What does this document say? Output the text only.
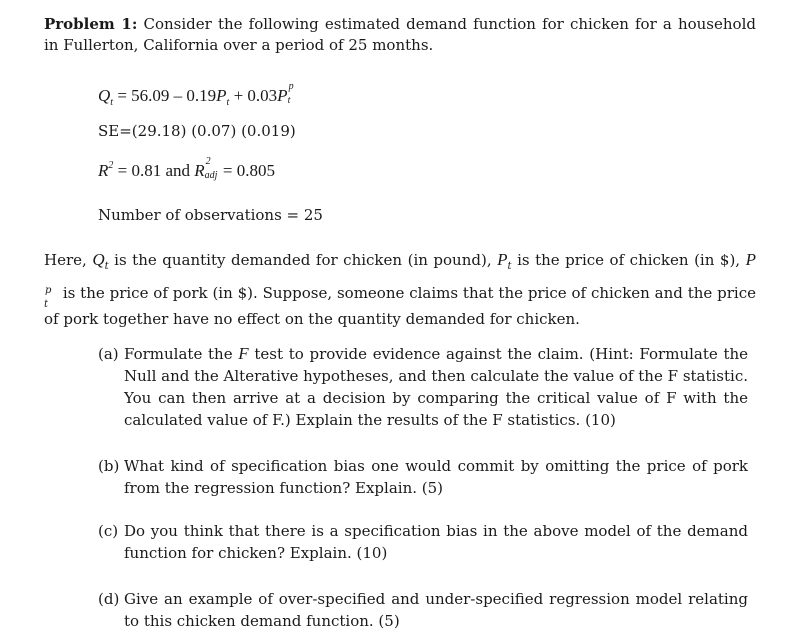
Problem 1: Consider the following estimated demand function for chicken for a household in Fullerton, California over a period of 25 months.
$Q_t = 56.09 - 0.19P_t + 0.03P$ p
t
SE=(29.18) (0.07) (0.019)
$R^2 = 0.81$ and R 2
adj = 0.805
Number of observations = 25
Here, $Q_t$ is the quantity demanded for chicken (in pound), $P_t$ is the price of chicken (in $), P
p
t
is the price of pork (in $). Suppose, someone claims that the price of chicken and the price of pork together have no effect on the quantity demanded for chicken.
(a) Formulate the F test to provide evidence against the claim. (Hint: Formulate the Null and the Alterative hypotheses, and then calculate the value of the F statistic. You can then arrive at a decision by comparing the critical value of F with the calculated value of F.) Explain the results of the F statistics. (10)
(b) What kind of specification bias one would commit by omitting the price of pork from the regression function? Explain. (5)
(c) Do you think that there is a specification bias in the above model of the demand function for chicken? Explain. (10)
(d) Give an example of over-specified and under-specified regression model relating to this chicken demand function. (5)
